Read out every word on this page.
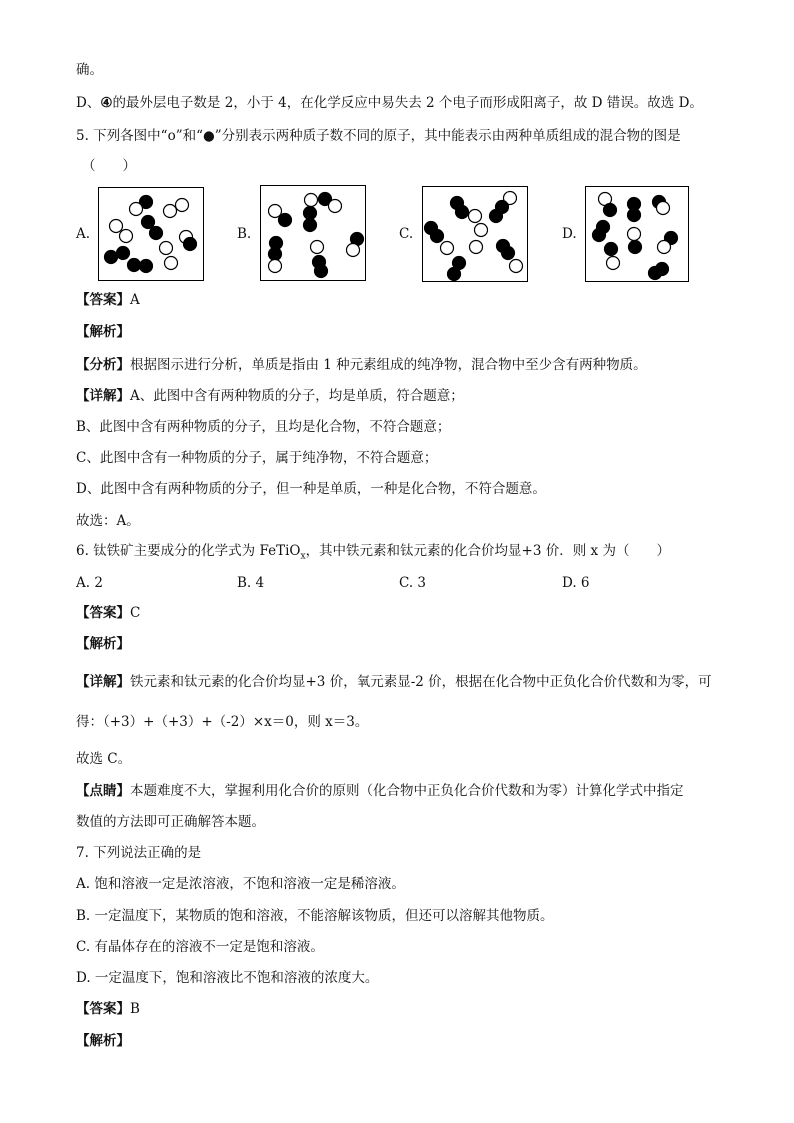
确。
D、④的最外层电子数是 2，小于 4，在化学反应中易失去 2 个电子而形成阳离子，故 D 错误。故选 D。
5. 下列各图中“o”和“●”分别表示两种质子数不同的原子，其中能表示由两种单质组成的混合物的图是
（　　）
A.	B.	C.	D.
【答案】A
【解析】
【分析】根据图示进行分析，单质是指由 1 种元素组成的纯净物，混合物中至少含有两种物质。
【详解】A、此图中含有两种物质的分子，均是单质，符合题意；
B、此图中含有两种物质的分子，且均是化合物，不符合题意；
C、此图中含有一种物质的分子，属于纯净物，不符合题意；
D、此图中含有两种物质的分子，但一种是单质，一种是化合物，不符合题意。
故选：A。
6. 钛铁矿主要成分的化学式为 FeTiO$_x$，其中铁元素和钛元素的化合价均显+3 价．则 x 为（　　）
A. 2	B. 4	C. 3	D. 6
【答案】C
【解析】
【详解】铁元素和钛元素的化合价均显+3 价，氧元素显-2 价，根据在化合物中正负化合价代数和为零，可
得：（+3）+（+3）+（-2）×x＝0，则 x＝3。
故选 C。
【点睛】本题难度不大，掌握利用化合价的原则（化合物中正负化合价代数和为零）计算化学式中指定
数值的方法即可正确解答本题。
7. 下列说法正确的是
A. 饱和溶液一定是浓溶液，不饱和溶液一定是稀溶液。
B. 一定温度下，某物质的饱和溶液，不能溶解该物质，但还可以溶解其他物质。
C. 有晶体存在的溶液不一定是饱和溶液。
D. 一定温度下，饱和溶液比不饱和溶液的浓度大。
【答案】B
【解析】
